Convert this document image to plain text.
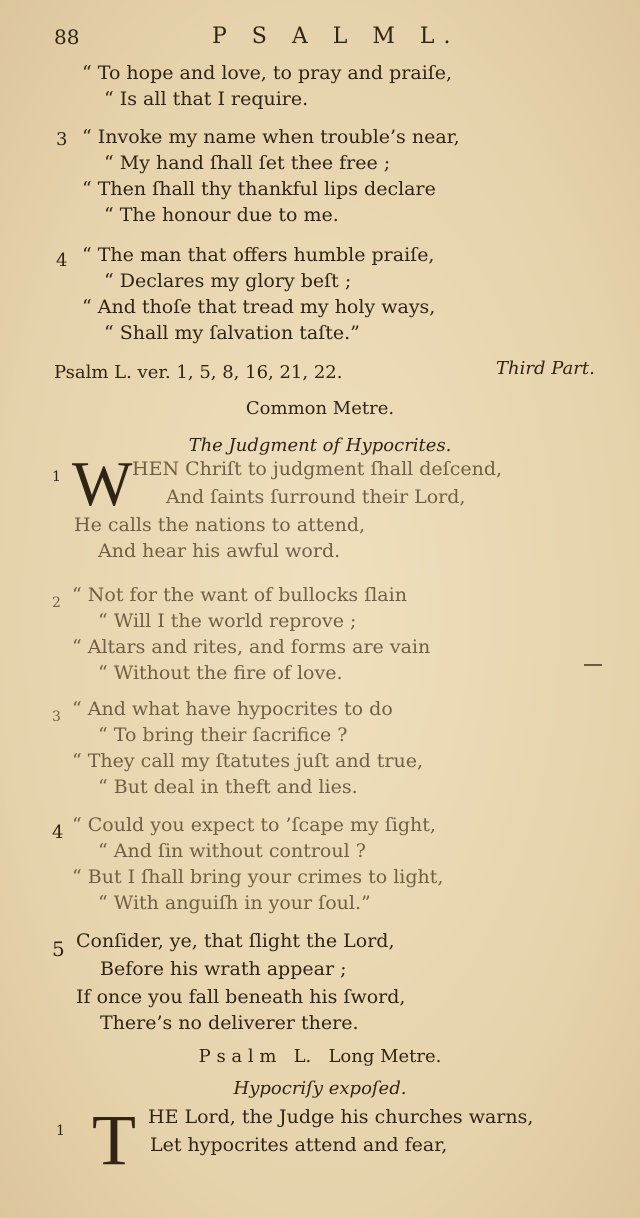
88	P S A L M L.
“ To hope and love, to pray and praiſe,
“ Is all that I require.
3 “ Invoke my name when trouble’s near,
“ My hand ſhall ſet thee free ;
“ Then ſhall thy thankful lips declare
“ The honour due to me.
4 “ The man that offers humble praiſe,
“ Declares my glory beſt ;
“ And thoſe that tread my holy ways,
“ Shall my ſalvation taſte.”
Psalm L. ver. 1, 5, 8, 16, 21, 22.	Third Part.
Common Metre.
The Judgment of Hypocrites.
1 W HEN Chriſt to judgment ſhall deſcend,
And ſaints ſurround their Lord,
He calls the nations to attend,
And hear his awful word.
2 “ Not for the want of bullocks ſlain
“ Will I the world reprove ;
“ Altars and rites, and forms are vain
“ Without the fire of love.
3 “ And what have hypocrites to do
“ To bring their ſacrifice ?
“ They call my ſtatutes juſt and true,
“ But deal in theft and lies.
4 “ Could you expect to ’ſcape my ſight,
“ And ſin without controul ?
“ But I ſhall bring your crimes to light,
“ With anguiſh in your ſoul.”
5 Conſider, ye, that ſlight the Lord,
Before his wrath appear ;
If once you fall beneath his ſword,
There’s no deliverer there.
P s a l m   L.   Long Metre.
Hypocriſy expoſed.
1 T HE Lord, the Judge his churches warns,
Let hypocrites attend and fear,
